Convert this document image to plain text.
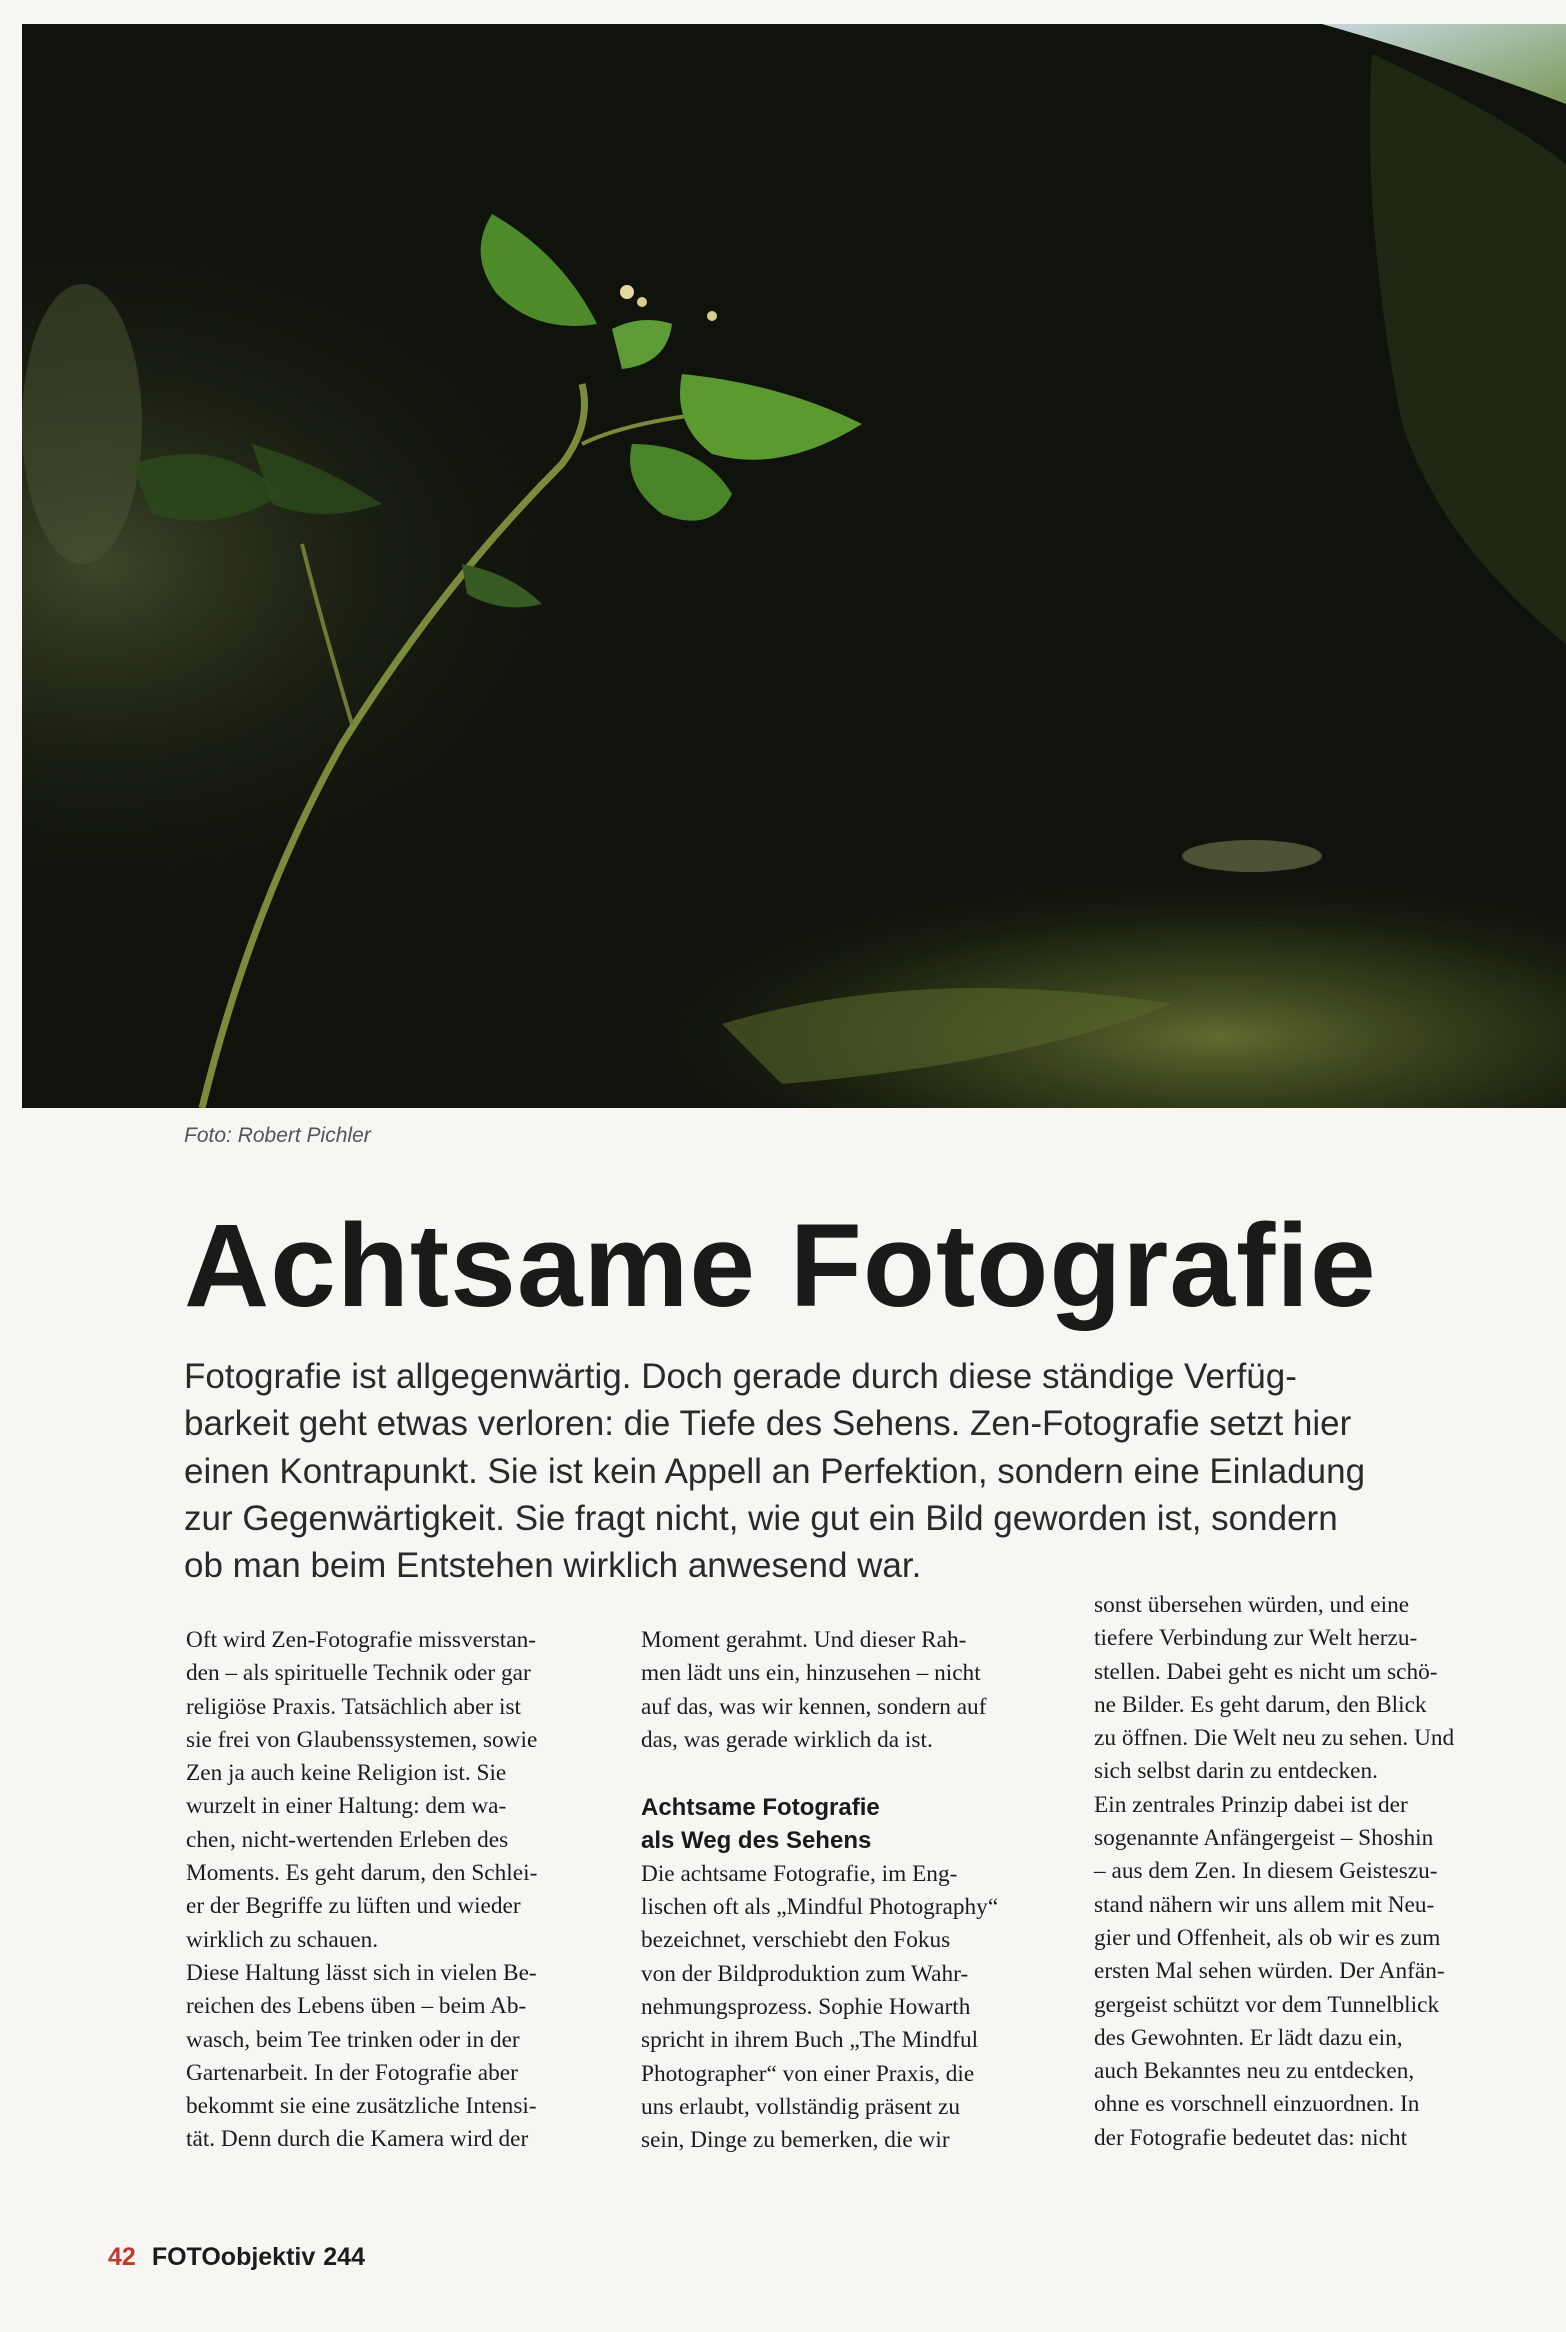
Foto: Robert Pichler
Achtsame Fotografie
Fotografie ist allgegenwärtig. Doch gerade durch diese ständige Verfüg-
barkeit geht etwas verloren: die Tiefe des Sehens. Zen-Fotografie setzt hier
einen Kontrapunkt. Sie ist kein Appell an Perfektion, sondern eine Einladung
zur Gegenwärtigkeit. Sie fragt nicht, wie gut ein Bild geworden ist, sondern
ob man beim Entstehen wirklich anwesend war.
Oft wird Zen-Fotografie missverstan-
den – als spirituelle Technik oder gar
religiöse Praxis. Tatsächlich aber ist
sie frei von Glaubenssystemen, sowie
Zen ja auch keine Religion ist. Sie
wurzelt in einer Haltung: dem wa-
chen, nicht-wertenden Erleben des
Moments. Es geht darum, den Schlei-
er der Begriffe zu lüften und wieder
wirklich zu schauen.
Diese Haltung lässt sich in vielen Be-
reichen des Lebens üben – beim Ab-
wasch, beim Tee trinken oder in der
Gartenarbeit. In der Fotografie aber
bekommt sie eine zusätzliche Intensi-
tät. Denn durch die Kamera wird der
Moment gerahmt. Und dieser Rah-
men lädt uns ein, hinzusehen – nicht
auf das, was wir kennen, sondern auf
das, was gerade wirklich da ist.
Achtsame Fotografie
als Weg des Sehens
Die achtsame Fotografie, im Eng-
lischen oft als „Mindful Photography“
bezeichnet, verschiebt den Fokus
von der Bildproduktion zum Wahr-
nehmungsprozess. Sophie Howarth
spricht in ihrem Buch „The Mindful
Photographer“ von einer Praxis, die
uns erlaubt, vollständig präsent zu
sein, Dinge zu bemerken, die wir
sonst übersehen würden, und eine
tiefere Verbindung zur Welt herzu-
stellen. Dabei geht es nicht um schö-
ne Bilder. Es geht darum, den Blick
zu öffnen. Die Welt neu zu sehen. Und
sich selbst darin zu entdecken.
Ein zentrales Prinzip dabei ist der
sogenannte Anfängergeist – Shoshin
– aus dem Zen. In diesem Geisteszu-
stand nähern wir uns allem mit Neu-
gier und Offenheit, als ob wir es zum
ersten Mal sehen würden. Der Anfän-
gergeist schützt vor dem Tunnelblick
des Gewohnten. Er lädt dazu ein,
auch Bekanntes neu zu entdecken,
ohne es vorschnell einzuordnen. In
der Fotografie bedeutet das: nicht
42 FOTOobjektiv 244
